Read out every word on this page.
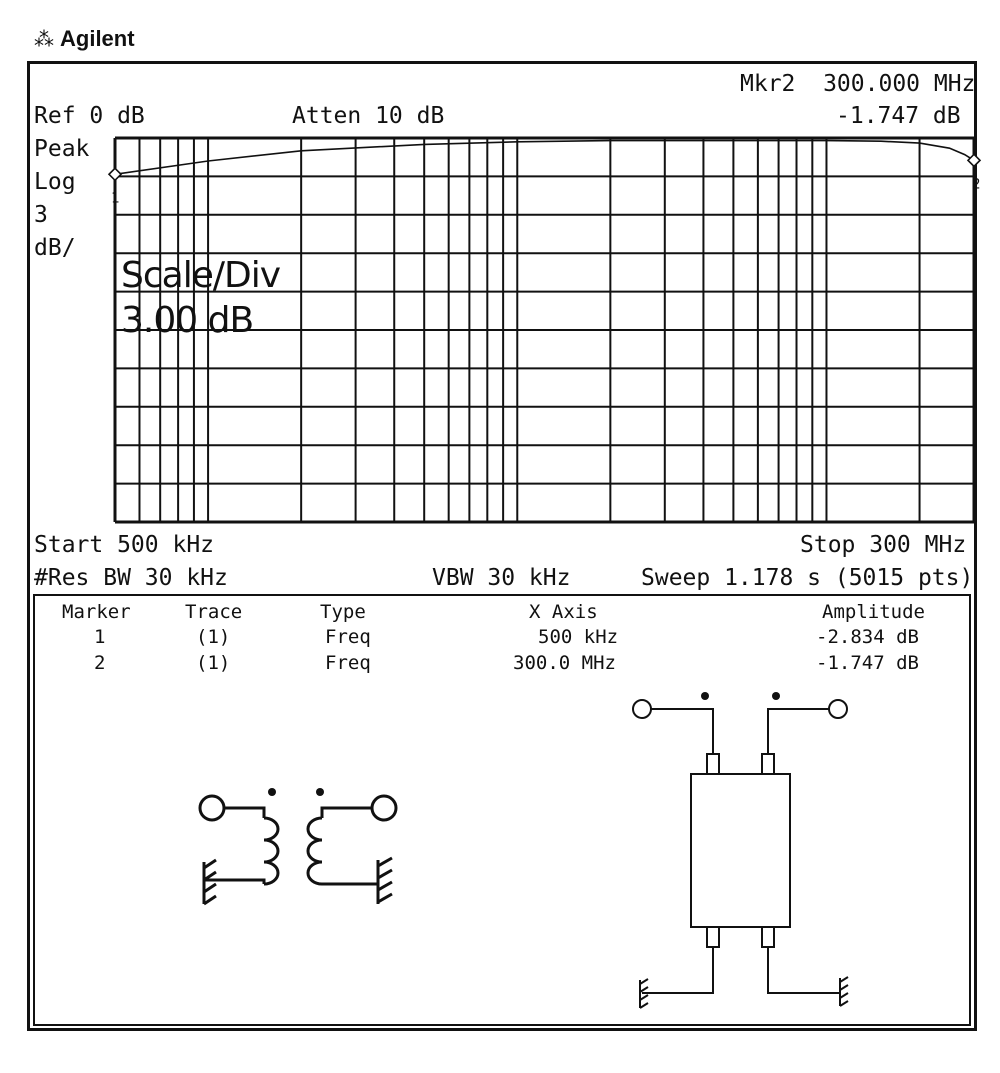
⁂ Agilent
Mkr2  300.000 MHz
Ref 0 dB	Atten 10 dB	-1.747 dB
Peak
Log
3
dB/
1
2
Scale/Div
3.00 dB
Start 500 kHz	Stop 300 MHz
#Res BW 30 kHz	VBW 30 kHz	Sweep 1.178 s (5015 pts)
Marker	Trace	Type	X Axis	Amplitude
1	(1)	Freq	500 kHz	-2.834 dB
2	(1)	Freq	300.0 MHz	-1.747 dB
